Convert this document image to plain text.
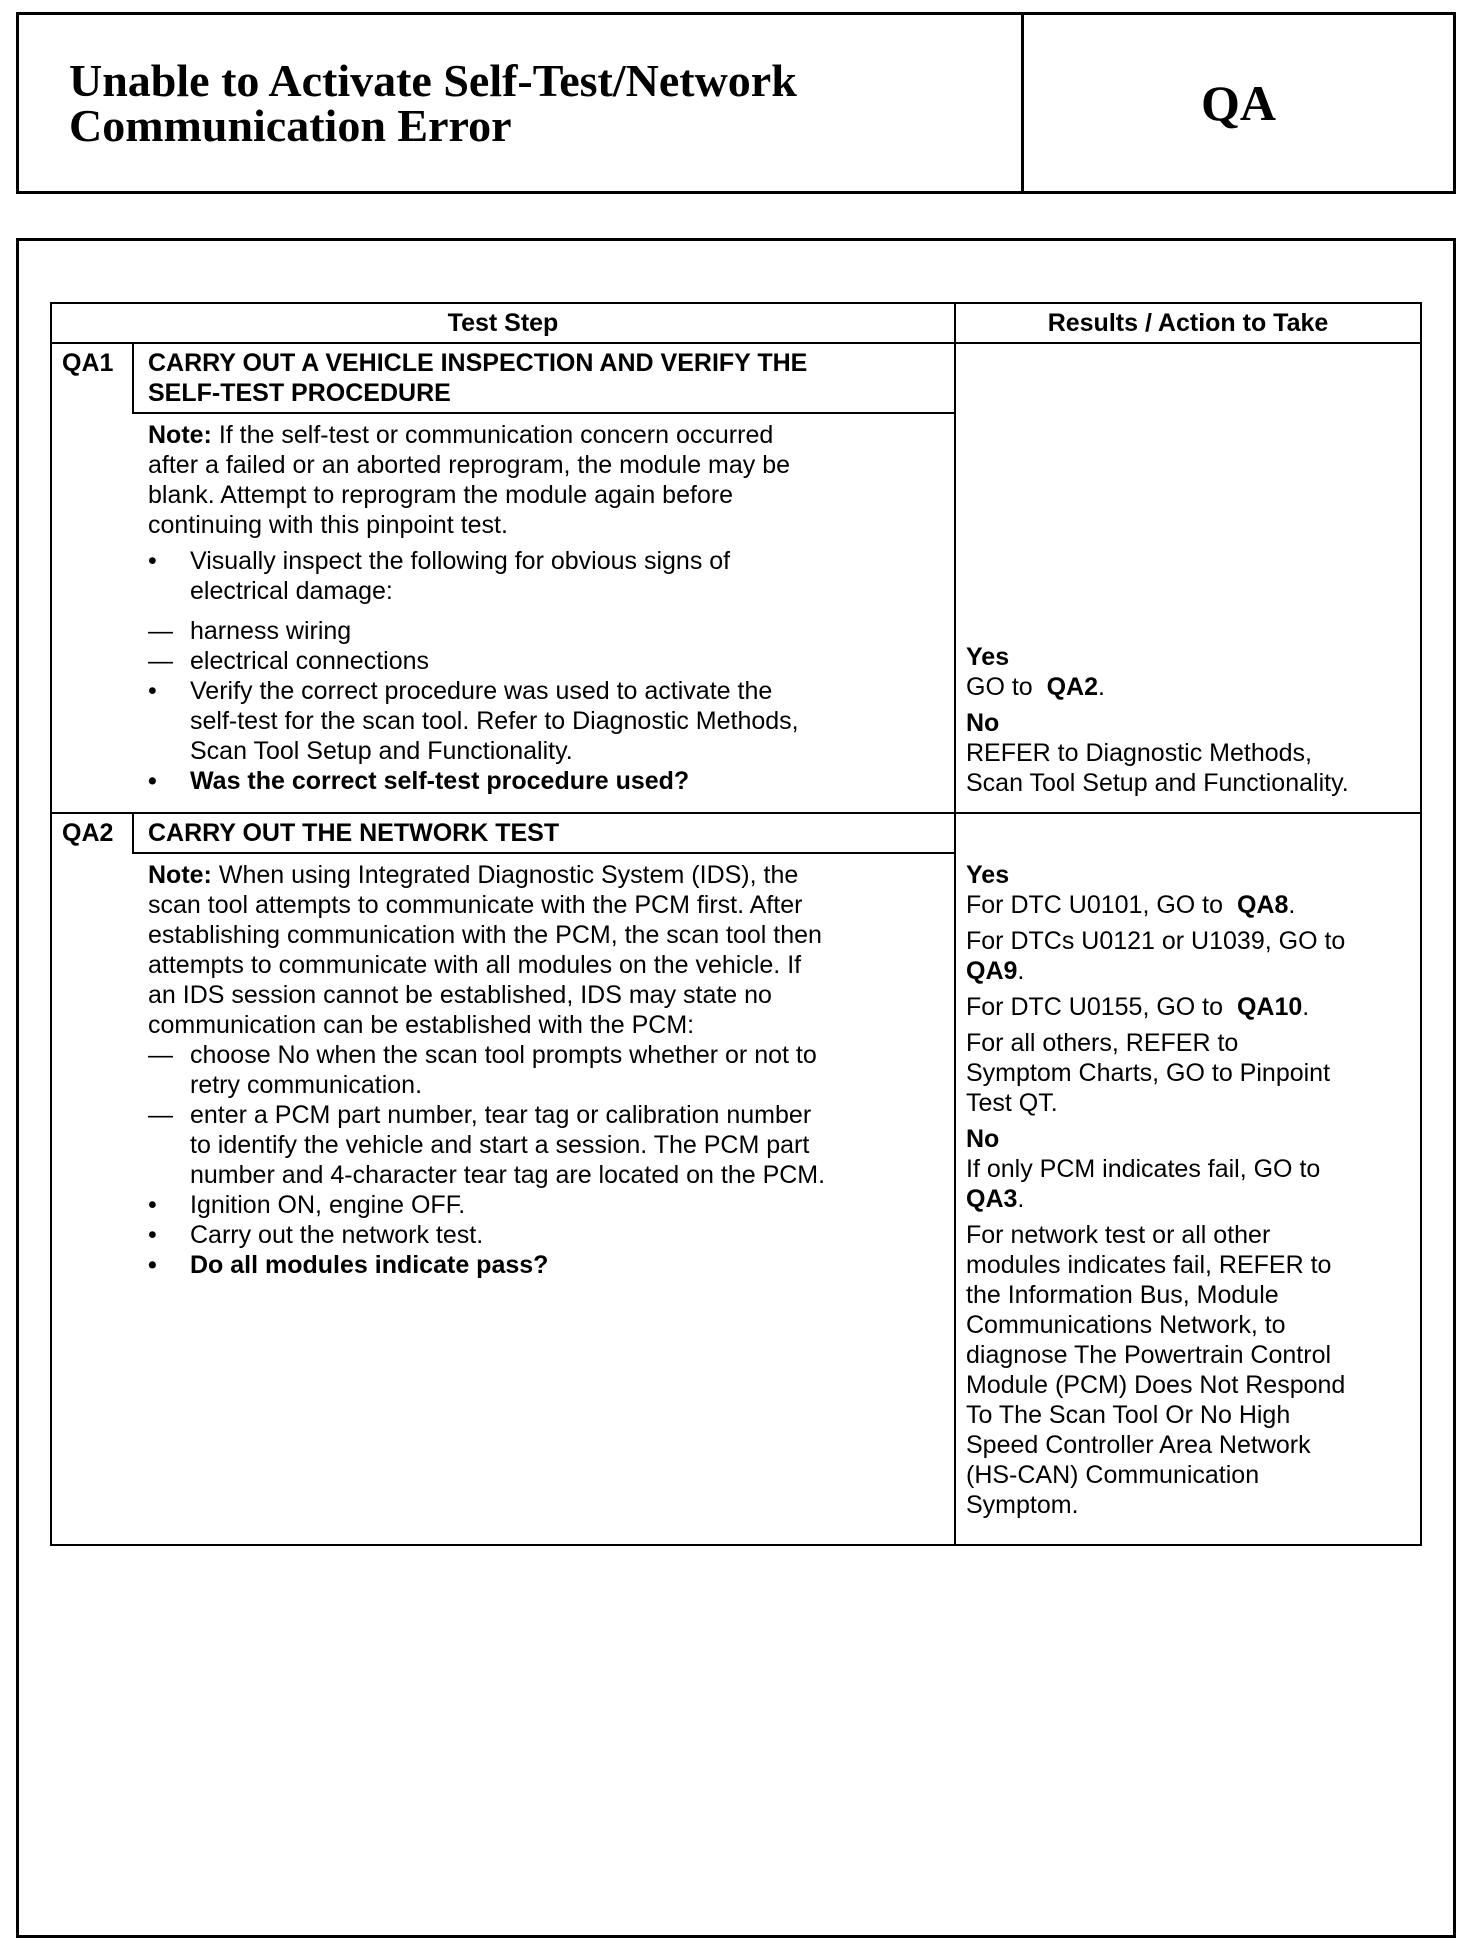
Unable to Activate Self-Test/Network
Communication Error	QA
Test Step	Results / Action to Take
QA1 CARRY OUT A VEHICLE INSPECTION AND VERIFY THE

SELF-TEST PROCEDURE

Note: If the self-test or communication concern occurred

after a failed or an aborted reprogram, the module may be

blank. Attempt to reprogram the module again before

continuing with this pinpoint test.

• Visually inspect the following for obvious signs of

electrical damage:

— harness wiring

— electrical connections

• Verify the correct procedure was used to activate the

self-test for the scan tool. Refer to Diagnostic Methods,

Scan Tool Setup and Functionality.

• Was the correct self-test procedure used?

Yes

GO to QA2.

No

REFER to Diagnostic Methods,

Scan Tool Setup and Functionality.

QA2 CARRY OUT THE NETWORK TEST

Note: When using Integrated Diagnostic System (IDS), the

scan tool attempts to communicate with the PCM first. After

establishing communication with the PCM, the scan tool then

attempts to communicate with all modules on the vehicle. If

an IDS session cannot be established, IDS may state no

communication can be established with the PCM:

— choose No when the scan tool prompts whether or not to

retry communication.

— enter a PCM part number, tear tag or calibration number

to identify the vehicle and start a session. The PCM part

number and 4-character tear tag are located on the PCM.

• Ignition ON, engine OFF.

• Carry out the network test.

• Do all modules indicate pass?

Yes

For DTC U0101, GO to QA8.

For DTCs U0121 or U1039, GO to

QA9.

For DTC U0155, GO to QA10.

For all others, REFER to

Symptom Charts, GO to Pinpoint

Test QT.

No

If only PCM indicates fail, GO to

QA3.

For network test or all other

modules indicates fail, REFER to

the Information Bus, Module

Communications Network, to

diagnose The Powertrain Control

Module (PCM) Does Not Respond

To The Scan Tool Or No High

Speed Controller Area Network

(HS-CAN) Communication

Symptom.
